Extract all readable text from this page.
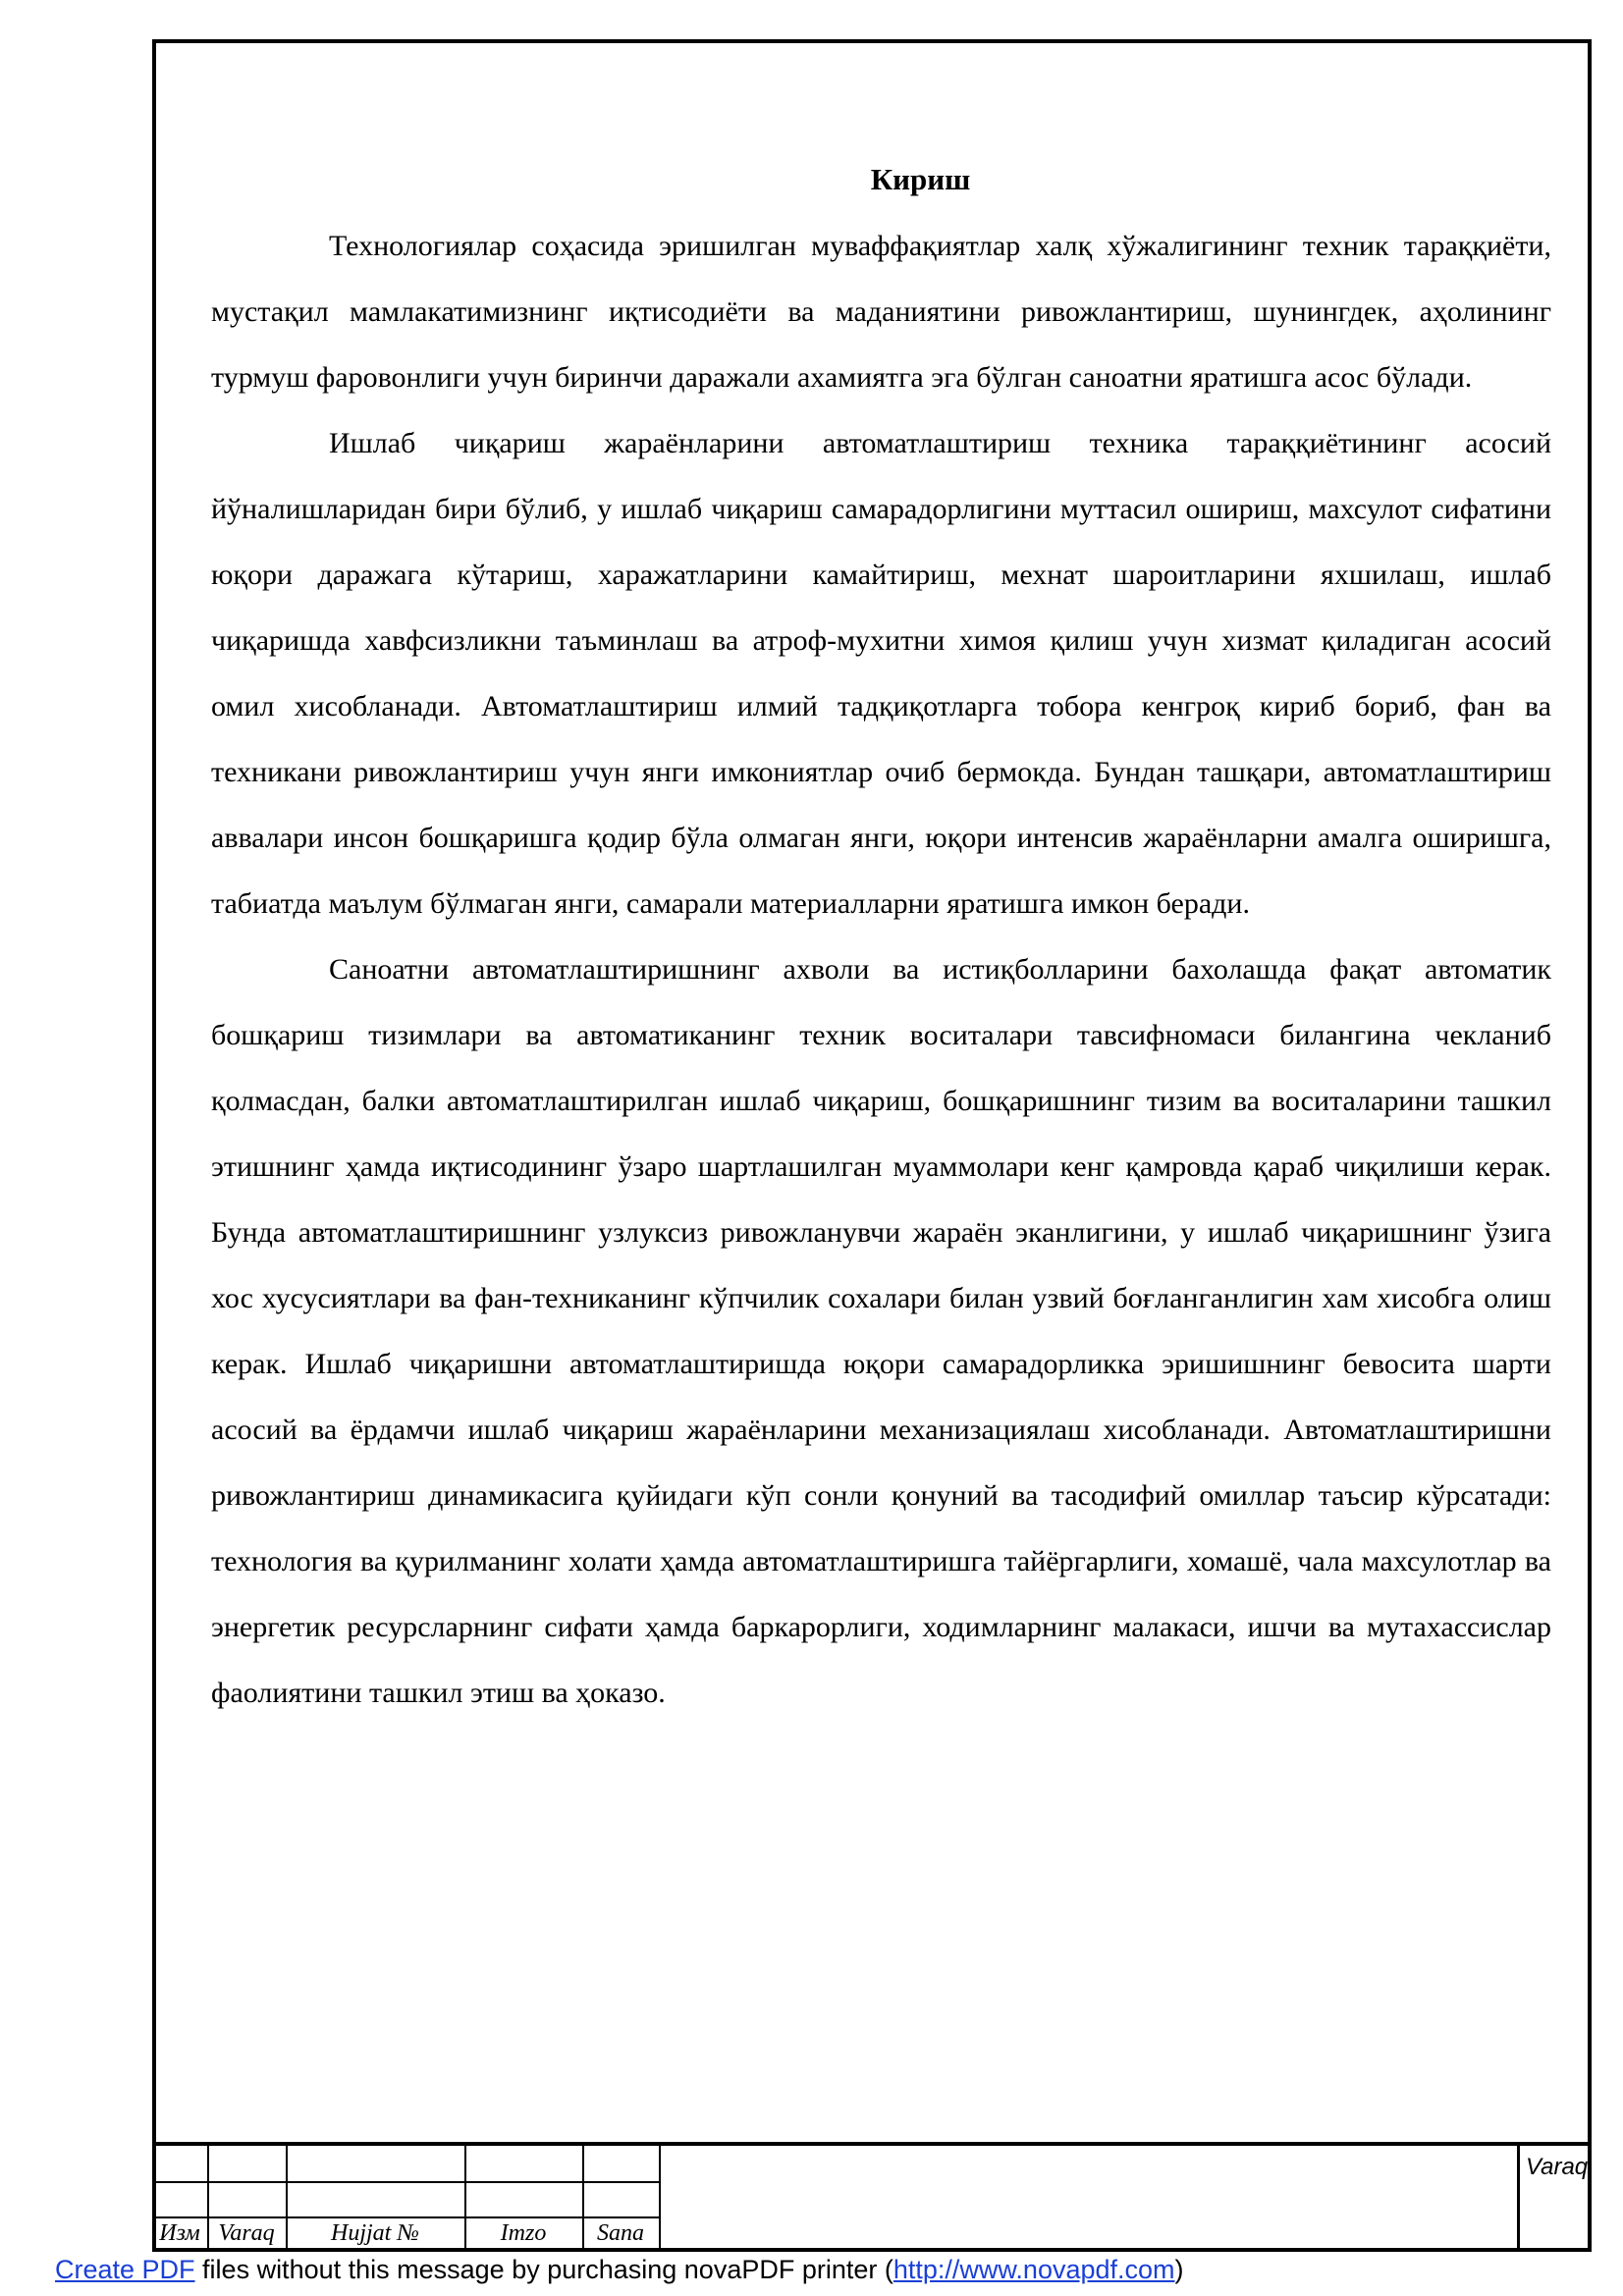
Кириш

Технологиялар соҳасида эришилган муваффақиятлар халқ хўжалигининг техник тараққиёти, мустақил мамлакатимизнинг иқтисодиёти ва маданиятини ривожлантириш, шунингдек, аҳолининг турмуш фаровонлиги учун биринчи даражали ахамиятга эга бўлган саноатни яратишга асос бўлади.

Ишлаб чиқариш жараёнларини автоматлаштириш техника тараққиётининг асосий йўналишларидан бири бўлиб, у ишлаб чиқариш самарадорлигини муттасил ошириш, махсулот сифатини юқори даражага кўтариш, харажатларини камайтириш, мехнат шароитларини яхшилаш, ишлаб чиқаришда хавфсизликни таъминлаш ва атроф-мухитни химоя қилиш учун хизмат қиладиган асосий омил хисобланади. Автоматлаштириш илмий тадқиқотларга тобора кенгроқ кириб бориб, фан ва техникани ривожлантириш учун янги имкониятлар очиб бермокда. Бундан ташқари, автоматлаштириш аввалари инсон бошқаришга қодир бўла олмаган янги, юқори интенсив жараёнларни амалга оширишга, табиатда маълум бўлмаган янги, самарали материалларни яратишга имкон беради.

Саноатни автоматлаштиришнинг ахволи ва истиқболларини бахолашда фақат автоматик бошқариш тизимлари ва автоматиканинг техник воситалари тавсифномаси билангина чекланиб қолмасдан, балки автоматлаштирилган ишлаб чиқариш, бошқаришнинг тизим ва воситаларини ташкил этишнинг ҳамда иқтисодининг ўзаро шартлашилган муаммолари кенг қамровда қараб чиқилиши керак. Бунда автоматлаштиришнинг узлуксиз ривожланувчи жараён эканлигини, у ишлаб чиқаришнинг ўзига хос хусусиятлари ва фан-техниканинг кўпчилик сохалари билан узвий боғланганлигин хам хисобга олиш керак. Ишлаб чиқаришни автоматлаштиришда юқори самарадорликка эришишнинг бевосита шарти асосий ва ёрдамчи ишлаб чиқариш жараёнларини механизациялаш хисобланади. Автоматлаштиришни ривожлантириш динамикасига қуйидаги кўп сонли қонуний ва тасодифий омиллар таъсир кўрсатади: технология ва қурилманинг холати ҳамда автоматлаштиришга тайёргарлиги, хомашё, чала махсулотлар ва энергетик ресурсларнинг сифати ҳамда баркарорлиги, ходимларнинг малакаси, ишчи ва мутахассислар фаолиятини ташкил этиш ва ҳоказо.

Изм Varaq	Hujjat №	Imzo	Sana
Varaq
Create PDF files without this message by purchasing novaPDF printer (http://www.novapdf.com)
